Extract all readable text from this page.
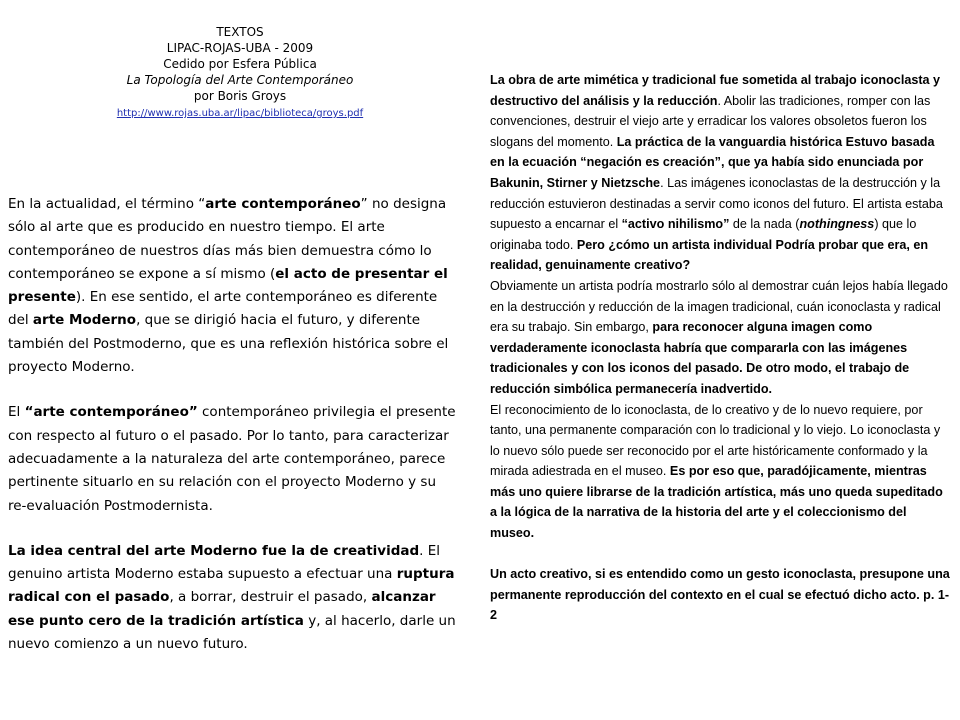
TEXTOS
LIPAC-ROJAS-UBA - 2009
Cedido por Esfera Pública
La Topología del Arte Contemporáneo
por Boris Groys
http://www.rojas.uba.ar/lipac/biblioteca/groys.pdf

En la actualidad, el término “arte contemporáneo” no designa sólo al arte que es producido en nuestro tiempo. El arte contemporáneo de nuestros días más bien demuestra cómo lo contemporáneo se expone a sí mismo (el acto de presentar el presente). En ese sentido, el arte contemporáneo es diferente del arte Moderno, que se dirigió hacia el futuro, y diferente también del Postmoderno, que es una reflexión histórica sobre el proyecto Moderno.

El “arte contemporáneo” contemporáneo privilegia el presente con respecto al futuro o el pasado. Por lo tanto, para caracterizar adecuadamente a la naturaleza del arte contemporáneo, parece pertinente situarlo en su relación con el proyecto Moderno y su re-evaluación Postmodernista.

La idea central del arte Moderno fue la de creatividad. El genuino artista Moderno estaba supuesto a efectuar una ruptura radical con el pasado, a borrar, destruir el pasado, alcanzar ese punto cero de la tradición artística y, al hacerlo, darle un nuevo comienzo a un nuevo futuro.

La obra de arte mimética y tradicional fue sometida al trabajo iconoclasta y destructivo del análisis y la reducción. Abolir las tradiciones, romper con las convenciones, destruir el viejo arte y erradicar los valores obsoletos fueron los slogans del momento. La práctica de la vanguardia histórica Estuvo basada en la ecuación “negación es creación”, que ya había sido enunciada por Bakunin, Stirner y Nietzsche. Las imágenes iconoclastas de la destrucción y la reducción estuvieron destinadas a servir como iconos del futuro. El artista estaba supuesto a encarnar el “activo nihilismo” de la nada (nothingness) que lo originaba todo. Pero ¿cómo un artista individual Podría probar que era, en realidad, genuinamente creativo?

Obviamente un artista podría mostrarlo sólo al demostrar cuán lejos había llegado en la destrucción y reducción de la imagen tradicional, cuán iconoclasta y radical era su trabajo. Sin embargo, para reconocer alguna imagen como verdaderamente iconoclasta habría que compararla con las imágenes tradicionales y con los iconos del pasado. De otro modo, el trabajo de reducción simbólica permanecería inadvertido.

El reconocimiento de lo iconoclasta, de lo creativo y de lo nuevo requiere, por tanto, una permanente comparación con lo tradicional y lo viejo. Lo iconoclasta y lo nuevo sólo puede ser reconocido por el arte históricamente conformado y la mirada adiestrada en el museo. Es por eso que, paradójicamente, mientras más uno quiere librarse de la tradición artística, más uno queda supeditado a la lógica de la narrativa de la historia del arte y el coleccionismo del museo.

Un acto creativo, si es entendido como un gesto iconoclasta, presupone una permanente reproducción del contexto en el cual se efectuó dicho acto. p. 1-2
